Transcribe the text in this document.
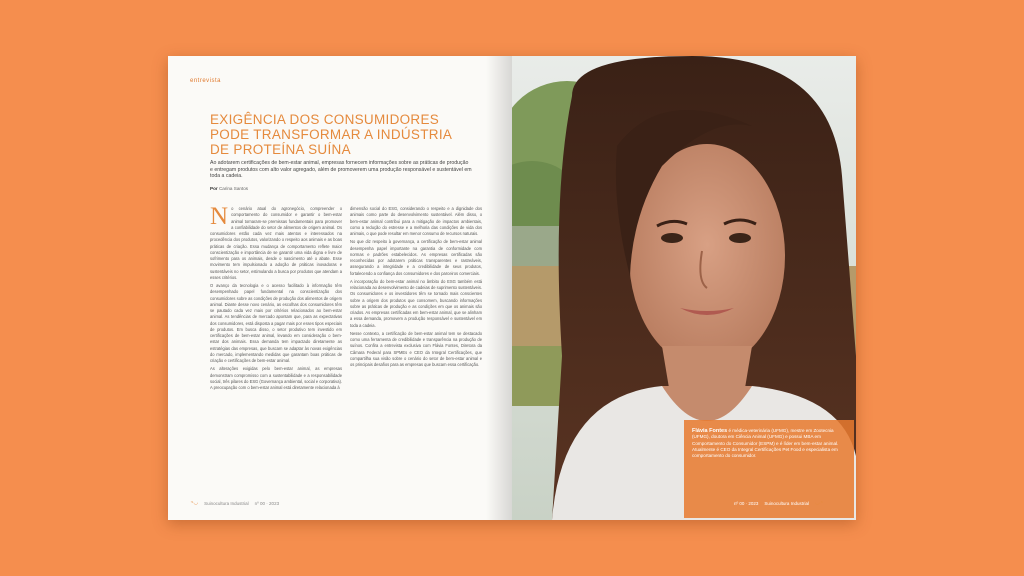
entrevista
EXIGÊNCIA DOS CONSUMIDORES PODE TRANSFORMAR A INDÚSTRIA DE PROTEÍNA SUÍNA

Ao adotarem certificações de bem-estar animal, empresas fornecem informações sobre as práticas de produção e entregam produtos com alto valor agregado, além de promoverem uma produção responsável e sustentável em toda a cadeia.

Por Carina Santos

No cenário atual do agronegócio, compreender o comportamento do consumidor e garantir o bem-estar animal tornaram-se premissas fundamentais para promover a confiabilidade do setor de alimentos de origem animal. Os consumidores estão cada vez mais atentos e interessados na procedência dos produtos, valorizando o respeito aos animais e as boas práticas de criação. Essa mudança de comportamento reflete maior conscientização e importância de se garantir uma vida digna e livre de sofrimento para os animais, desde o nascimento até o abate. Esse movimento tem impulsionado a adoção de práticas inovadoras e sustentáveis no setor, estimulando a busca por produtos que atendam a esses critérios.

O avanço da tecnologia e o acesso facilitado à informação têm desempenhado papel fundamental na conscientização dos consumidores sobre as condições de produção dos alimentos de origem animal. Diante desse novo cenário, as escolhas dos consumidores têm se pautado cada vez mais por critérios relacionados ao bem-estar animal. As tendências de mercado apontam que, para as expectativas dos consumidores, está disposta a pagar mais por esses tipos especiais de produtos. Em busca disso, o setor produtivo tem investido em certificações de bem-estar animal, levando em consideração o bem-estar dos animais. Essa demanda tem impactado diretamente as estratégias das empresas, que buscam se adaptar às novas exigências do mercado, implementando medidas que garantam boas práticas de criação e certificações de bem-estar animal.

As alterações exigidas pelo bem-estar animal, as empresas demonstram compromisso com a sustentabilidade e a responsabilidade social, três pilares do ESG (Governança ambiental, social e corporativa). A preocupação com o bem-estar animal está diretamente relacionada à

dimensão social do ESG, considerando o respeito e a dignidade dos animais como parte do desenvolvimento sustentável. Além disso, o bem-estar animal contribui para a mitigação de impactos ambientais, como a redução do estresse e a melhoria das condições de vida dos animais, o que pode resultar em menor consumo de recursos naturais.

No que diz respeito à governança, a certificação de bem-estar animal desempenha papel importante na garantia de conformidade com normas e padrões estabelecidos. As empresas certificadas são reconhecidas por adotarem práticas transparentes e rastreáveis, assegurando a integridade e a credibilidade de seus produtos, fortalecendo a confiança dos consumidores e dos parceiros comerciais.

A incorporação do bem-estar animal no âmbito do ESG também está relacionada ao desenvolvimento de cadeias de suprimento sustentáveis. Os consumidores e os investidores têm se tornado mais conscientes sobre a origem dos produtos que consomem, buscando informações sobre as práticas de produção e as condições em que os animais são criados. As empresas certificadas em bem-estar animal, que se alinham a essa demanda, promovem a produção responsável e sustentável em toda a cadeia.

Nesse contexto, a certificação de bem-estar animal tem se destacado como uma ferramenta de credibilidade e transparência na produção de suínos. Confira a entrevista exclusiva com Flávia Fontes, Diretora da Câmara Federal para SPMEs e CEO da Integral Certificações, que compartilha sua visão sobre o cenário do setor de bem-estar animal e os principais desafios para as empresas que buscam essa certificação.

◔◡ Suinocultura Industrial nº 00 · 2023

Flávia Fontes é médica-veterinária (UFMG), mestre em Zootecnia (UFMG), doutora em Ciência Animal (UFMG) e possui MBA em Comportamento do Consumidor (ESPM) e é líder em bem-estar animal. Atualmente é CEO da Integral Certificações Pet Food e especialista em comportamento do consumidor.

nº 00 · 2023 Suinocultura Industrial ◡◔
